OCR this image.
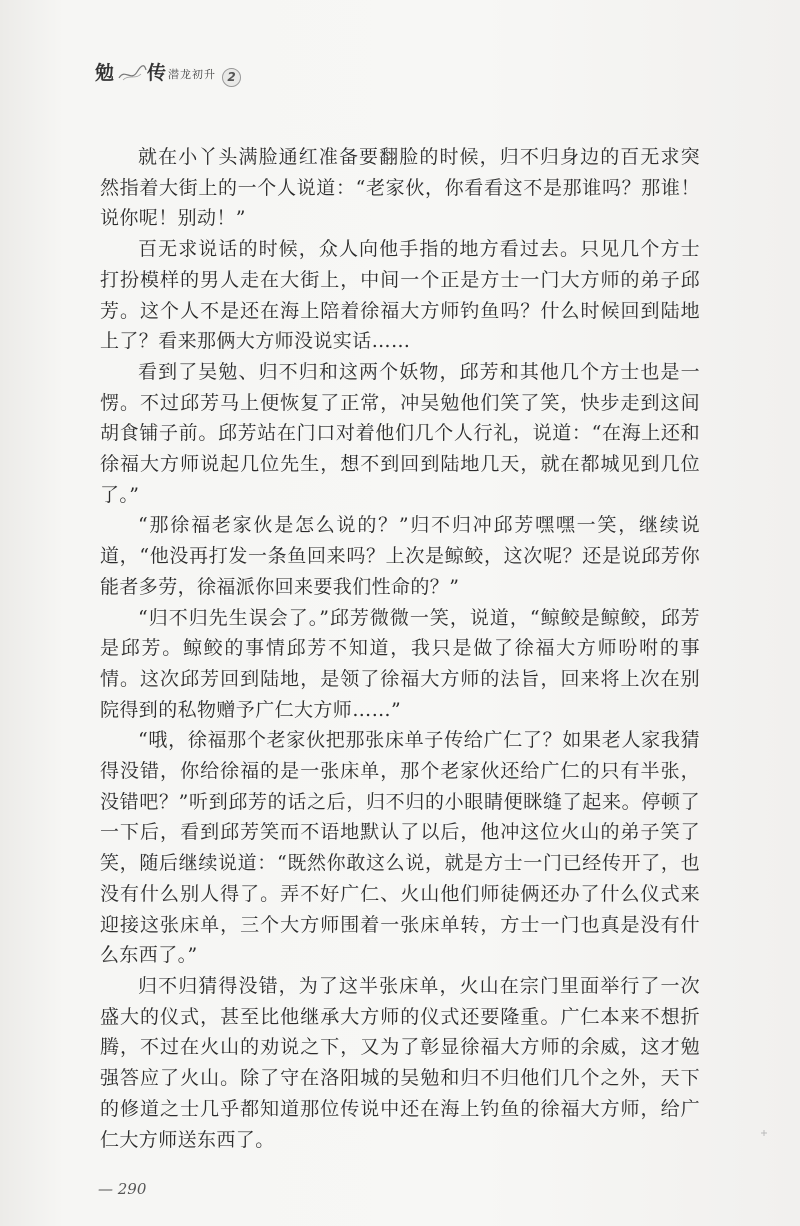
勉 传 潜龙初升 2

就在小丫头满脸通红准备要翻脸的时候，归不归身边的百无求突然指着大街上的一个人说道：“老家伙，你看看这不是那谁吗？那谁！说你呢！别动！”

百无求说话的时候，众人向他手指的地方看过去。只见几个方士打扮模样的男人走在大街上，中间一个正是方士一门大方师的弟子邱芳。这个人不是还在海上陪着徐福大方师钓鱼吗？什么时候回到陆地上了？看来那俩大方师没说实话……

看到了吴勉、归不归和这两个妖物，邱芳和其他几个方士也是一愣。不过邱芳马上便恢复了正常，冲吴勉他们笑了笑，快步走到这间胡食铺子前。邱芳站在门口对着他们几个人行礼，说道：“在海上还和徐福大方师说起几位先生，想不到回到陆地几天，就在都城见到几位了。”

“那徐福老家伙是怎么说的？”归不归冲邱芳嘿嘿一笑，继续说道，“他没再打发一条鱼回来吗？上次是鲸鲛，这次呢？还是说邱芳你能者多劳，徐福派你回来要我们性命的？”

“归不归先生误会了。”邱芳微微一笑，说道，“鲸鲛是鲸鲛，邱芳是邱芳。鲸鲛的事情邱芳不知道，我只是做了徐福大方师吩咐的事情。这次邱芳回到陆地，是领了徐福大方师的法旨，回来将上次在别院得到的私物赠予广仁大方师……”

“哦，徐福那个老家伙把那张床单子传给广仁了？如果老人家我猜得没错，你给徐福的是一张床单，那个老家伙还给广仁的只有半张，没错吧？”听到邱芳的话之后，归不归的小眼睛便眯缝了起来。停顿了一下后，看到邱芳笑而不语地默认了以后，他冲这位火山的弟子笑了笑，随后继续说道：“既然你敢这么说，就是方士一门已经传开了，也没有什么别人得了。弄不好广仁、火山他们师徒俩还办了什么仪式来迎接这张床单，三个大方师围着一张床单转，方士一门也真是没有什么东西了。”

归不归猜得没错，为了这半张床单，火山在宗门里面举行了一次盛大的仪式，甚至比他继承大方师的仪式还要隆重。广仁本来不想折腾，不过在火山的劝说之下，又为了彰显徐福大方师的余威，这才勉强答应了火山。除了守在洛阳城的吴勉和归不归他们几个之外，天下的修道之士几乎都知道那位传说中还在海上钓鱼的徐福大方师，给广仁大方师送东西了。

— 290
